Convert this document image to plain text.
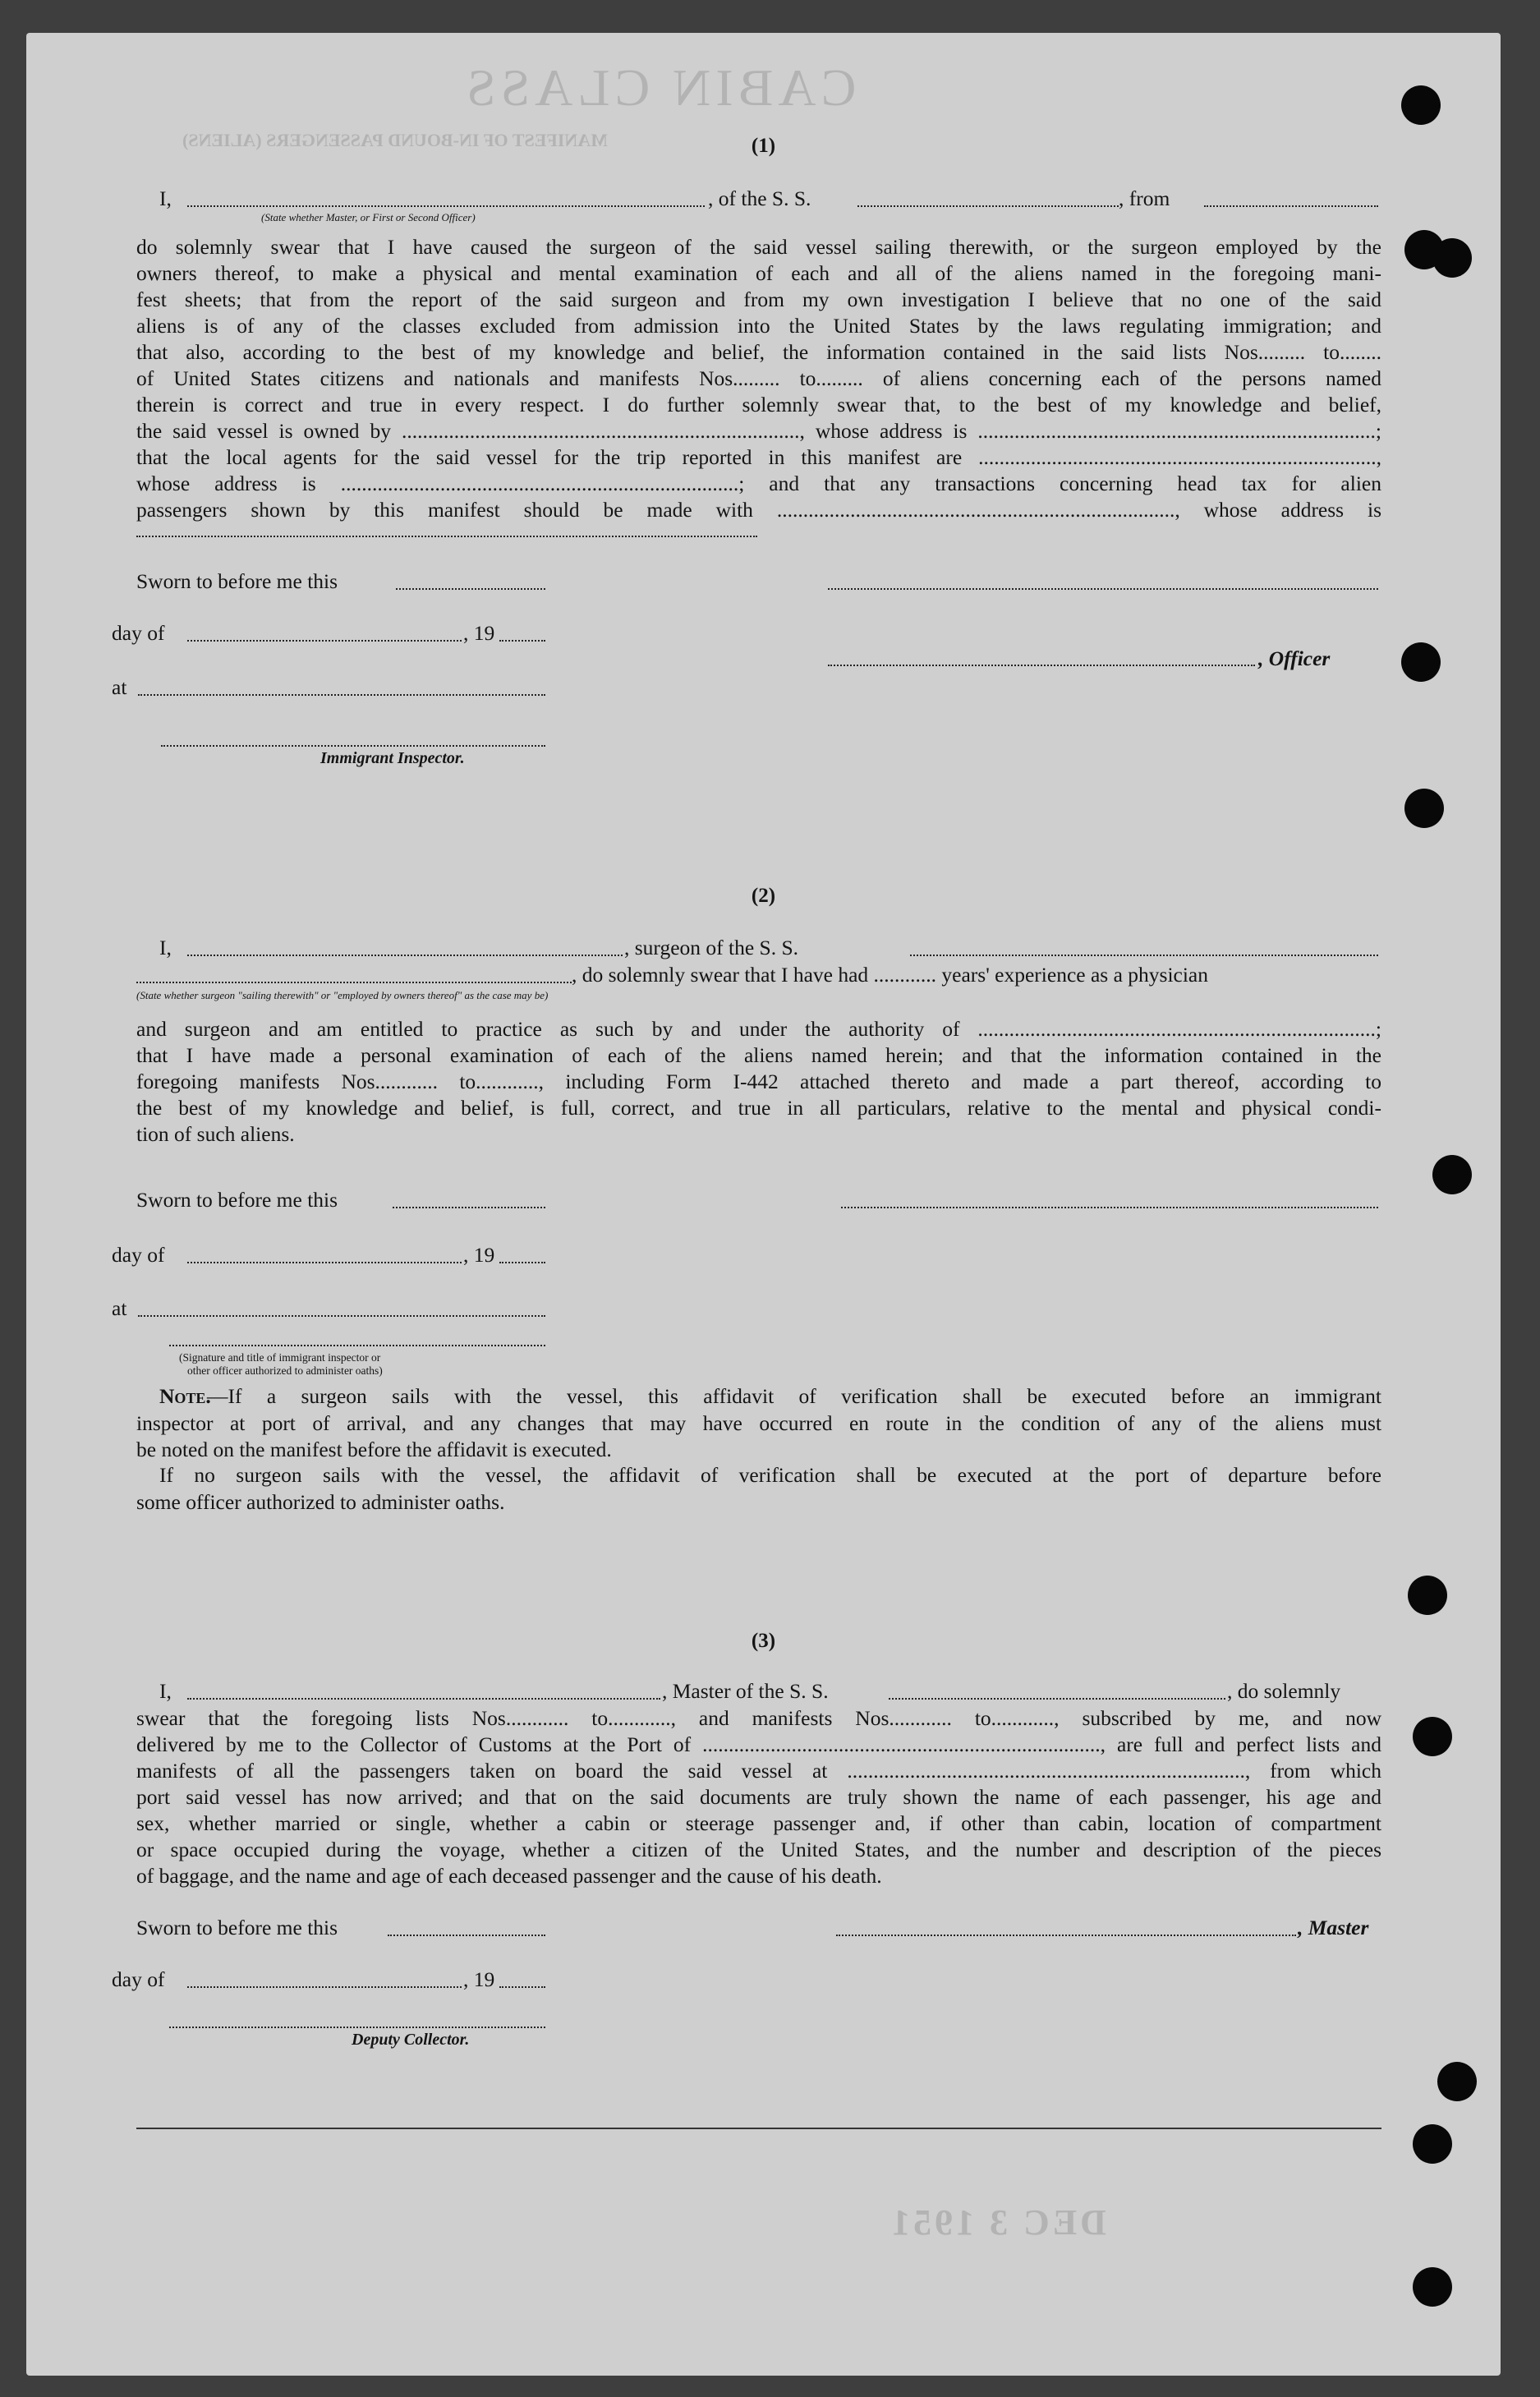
CABIN CLASS
MANIFEST OF IN-BOUND PASSENGERS (ALIENS)
DEC 3 1951
(1)
I,	, of the S. S.	, from
(State whether Master, or First or Second Officer)
do solemnly swear that I have caused the surgeon of the said vessel sailing therewith, or the surgeon employed by the
owners thereof, to make a physical and mental examination of each and all of the aliens named in the foregoing mani-
fest sheets; that from the report of the said surgeon and from my own investigation I believe that no one of the said
aliens is of any of the classes excluded from admission into the United States by the laws regulating immigration; and
that also, according to the best of my knowledge and belief, the information contained in the said lists Nos......... to........
of United States citizens and nationals and manifests Nos......... to......... of aliens concerning each of the persons named
therein is correct and true in every respect. I do further solemnly swear that, to the best of my knowledge and belief,
the said vessel is owned by ............................................................................, whose address is ............................................................................;
that the local agents for the said vessel for the trip reported in this manifest are ............................................................................,
whose address is ............................................................................; and that any transactions concerning head tax for alien
passengers shown by this manifest should be made with ............................................................................, whose address is
Sworn to before me this
day of	, 19
, Officer
at
Immigrant Inspector.
(2)
I,	, surgeon of the S. S.
, do solemnly swear that I have had ............ years' experience as a physician
(State whether surgeon "sailing therewith" or "employed by owners thereof" as the case may be)
and surgeon and am entitled to practice as such by and under the authority of ............................................................................;
that I have made a personal examination of each of the aliens named herein; and that the information contained in the
foregoing manifests Nos............ to............, including Form I-442 attached thereto and made a part thereof, according to
the best of my knowledge and belief, is full, correct, and true in all particulars, relative to the mental and physical condi-
tion of such aliens.
Sworn to before me this
day of	, 19
at
(Signature and title of immigrant inspector or
other officer authorized to administer oaths)
Note.
—If a surgeon sails with the vessel, this affidavit of verification shall be executed before an immigrant
inspector at port of arrival, and any changes that may have occurred en route in the condition of any of the aliens must
be noted on the manifest before the affidavit is executed.
If no surgeon sails with the vessel, the affidavit of verification shall be executed at the port of departure before
some officer authorized to administer oaths.
(3)
I,	, Master of the S. S.	, do solemnly
swear that the foregoing lists Nos............ to............, and manifests Nos............ to............, subscribed by me, and now
delivered by me to the Collector of Customs at the Port of ............................................................................, are full and perfect lists and
manifests of all the passengers taken on board the said vessel at ............................................................................, from which
port said vessel has now arrived; and that on the said documents are truly shown the name of each passenger, his age and
sex, whether married or single, whether a cabin or steerage passenger and, if other than cabin, location of compartment
or space occupied during the voyage, whether a citizen of the United States, and the number and description of the pieces
of baggage, and the name and age of each deceased passenger and the cause of his death.
Sworn to before me this	, Master
day of	, 19
Deputy Collector.
